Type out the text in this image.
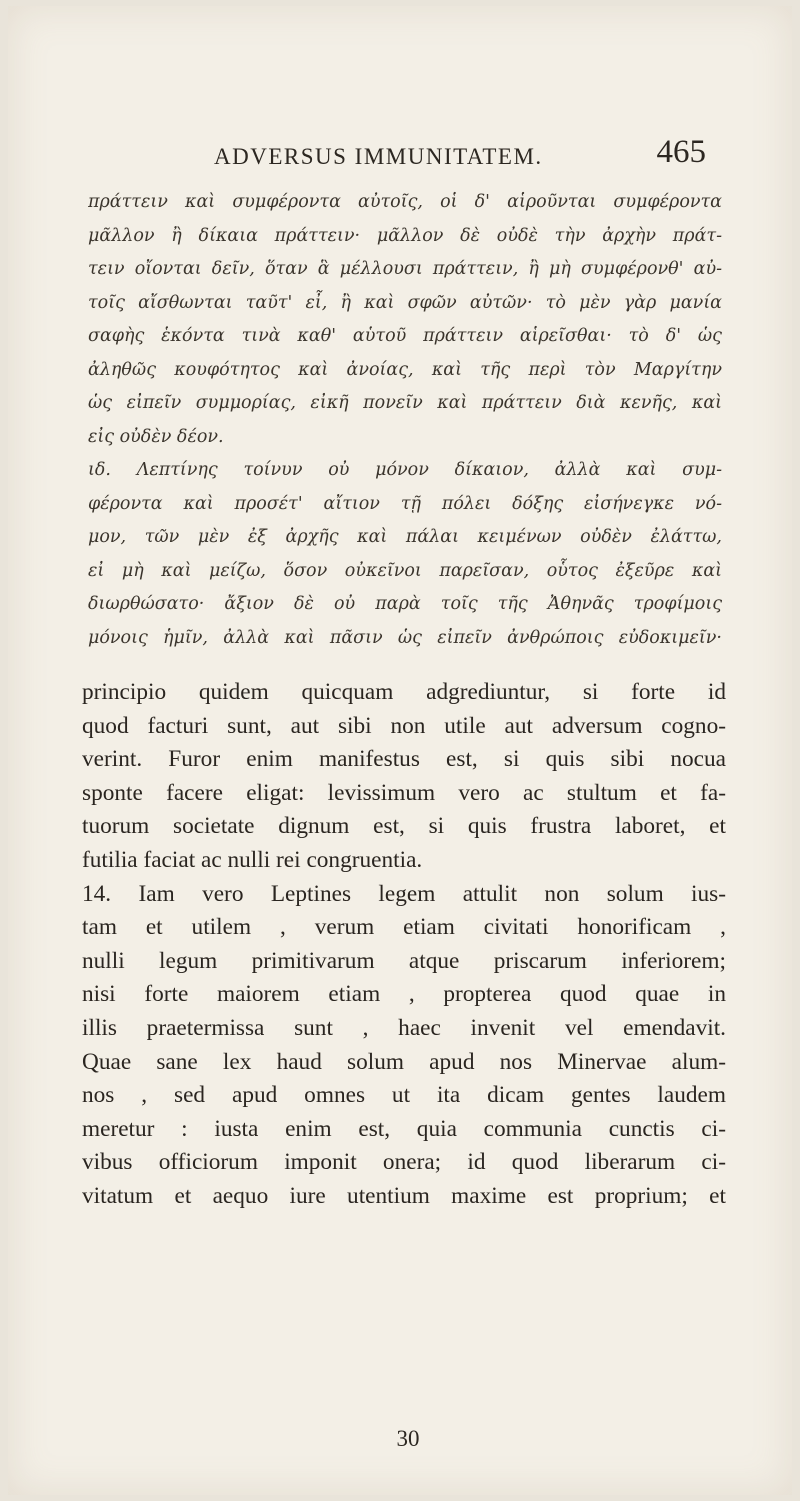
ADVERSUS IMMUNITATEM.	465
πράττειν καὶ συμφέροντα αὐτοῖς, οἱ δ' αἱροῦνται συμφέροντα
μᾶλλον ἢ δίκαια πράττειν· μᾶλλον δὲ οὐδὲ τὴν ἀρχὴν πράτ-
τειν οἴονται δεῖν, ὅταν ἃ μέλλουσι πράττειν, ἢ μὴ συμφέρονθ' αὐ-
τοῖς αἴσθωνται ταῦτ' εἶ, ἢ καὶ σφῶν αὐτῶν· τὸ μὲν γὰρ μανία
σαφὴς ἑκόντα τινὰ καθ' αὑτοῦ πράττειν αἱρεῖσθαι· τὸ δ' ὡς
ἀληθῶς κουφότητος καὶ ἀνοίας, καὶ τῆς περὶ τὸν Μαργίτην
ὡς εἰπεῖν συμμορίας, εἰκῆ πονεῖν καὶ πράττειν διὰ κενῆς, καὶ
εἰς οὐδὲν δέον.
ιδ. Λεπτίνης τοίνυν οὐ μόνον δίκαιον, ἀλλὰ καὶ συμ-
φέροντα καὶ προσέτ' αἴτιον τῇ πόλει δόξης εἰσήνεγκε νό-
μον, τῶν μὲν ἐξ ἀρχῆς καὶ πάλαι κειμένων οὐδὲν ἐλάττω,
εἰ μὴ καὶ μείζω, ὅσον οὐκεῖνοι παρεῖσαν, οὗτος ἐξεῦρε καὶ
διωρθώσατο· ἄξιον δὲ οὐ παρὰ τοῖς τῆς Ἀθηνᾶς τροφίμοις
μόνοις ἡμῖν, ἀλλὰ καὶ πᾶσιν ὡς εἰπεῖν ἀνθρώποις εὐδοκιμεῖν·
principio quidem quicquam adgrediuntur, si forte id
quod facturi sunt, aut sibi non utile aut adversum cogno-
verint. Furor enim manifestus est, si quis sibi nocua
sponte facere eligat: levissimum vero ac stultum et fa-
tuorum societate dignum est, si quis frustra laboret, et
futilia faciat ac nulli rei congruentia.
14. Iam vero Leptines legem attulit non solum ius-
tam et utilem , verum etiam civitati honorificam ,
nulli legum primitivarum atque priscarum inferiorem;
nisi forte maiorem etiam , propterea quod quae in
illis praetermissa sunt , haec invenit vel emendavit.
Quae sane lex haud solum apud nos Minervae alum-
nos , sed apud omnes ut ita dicam gentes laudem
meretur : iusta enim est, quia communia cunctis ci-
vibus officiorum imponit onera; id quod liberarum ci-
vitatum et aequo iure utentium maxime est proprium; et
30
